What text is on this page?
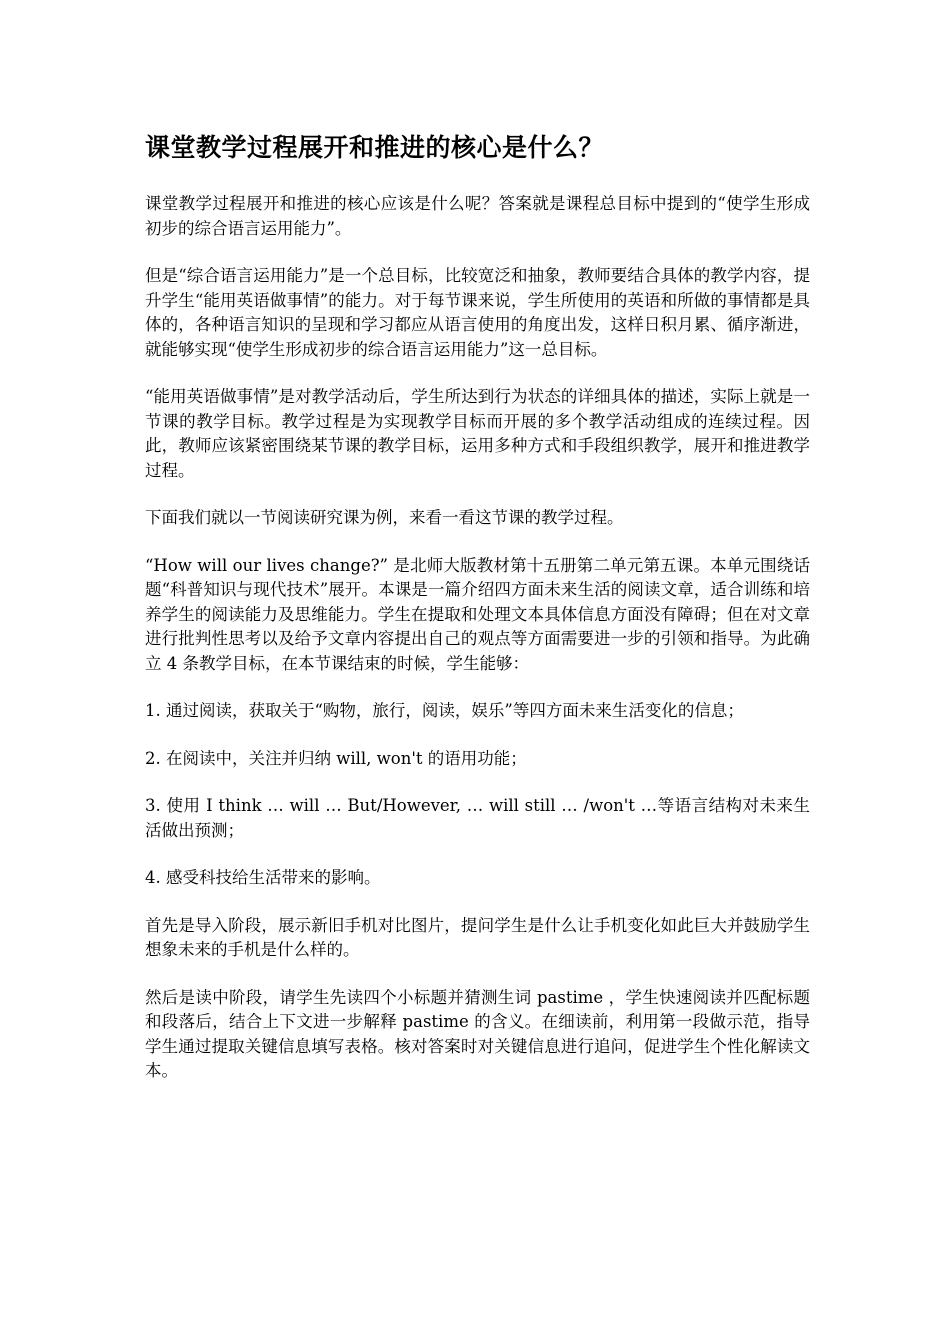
课堂教学过程展开和推进的核心是什么？

课堂教学过程展开和推进的核心应该是什么呢？答案就是课程总目标中提到的“使学生形成初步的综合语言运用能力”。

但是“综合语言运用能力”是一个总目标，比较宽泛和抽象，教师要结合具体的教学内容，提升学生“能用英语做事情”的能力。对于每节课来说，学生所使用的英语和所做的事情都是具体的，各种语言知识的呈现和学习都应从语言使用的角度出发，这样日积月累、循序渐进，就能够实现“使学生形成初步的综合语言运用能力”这一总目标。

“能用英语做事情”是对教学活动后，学生所达到行为状态的详细具体的描述，实际上就是一节课的教学目标。教学过程是为实现教学目标而开展的多个教学活动组成的连续过程。因此，教师应该紧密围绕某节课的教学目标，运用多种方式和手段组织教学，展开和推进教学过程。

下面我们就以一节阅读研究课为例，来看一看这节课的教学过程。

“How will our lives change?” 是北师大版教材第十五册第二单元第五课。本单元围绕话题“科普知识与现代技术”展开。本课是一篇介绍四方面未来生活的阅读文章，适合训练和培养学生的阅读能力及思维能力。学生在提取和处理文本具体信息方面没有障碍；但在对文章进行批判性思考以及给予文章内容提出自己的观点等方面需要进一步的引领和指导。为此确立 4 条教学目标，在本节课结束的时候，学生能够：

1. 通过阅读，获取关于“购物，旅行，阅读，娱乐”等四方面未来生活变化的信息；

2. 在阅读中，关注并归纳 will, won't 的语用功能；

3. 使用 I think … will … But/However, … will still … /won't …等语言结构对未来生活做出预测；

4. 感受科技给生活带来的影响。

首先是导入阶段，展示新旧手机对比图片，提问学生是什么让手机变化如此巨大并鼓励学生想象未来的手机是什么样的。

然后是读中阶段，请学生先读四个小标题并猜测生词 pastime ，学生快速阅读并匹配标题和段落后，结合上下文进一步解释 pastime 的含义。在细读前，利用第一段做示范，指导学生通过提取关键信息填写表格。核对答案时对关键信息进行追问，促进学生个性化解读文本。
